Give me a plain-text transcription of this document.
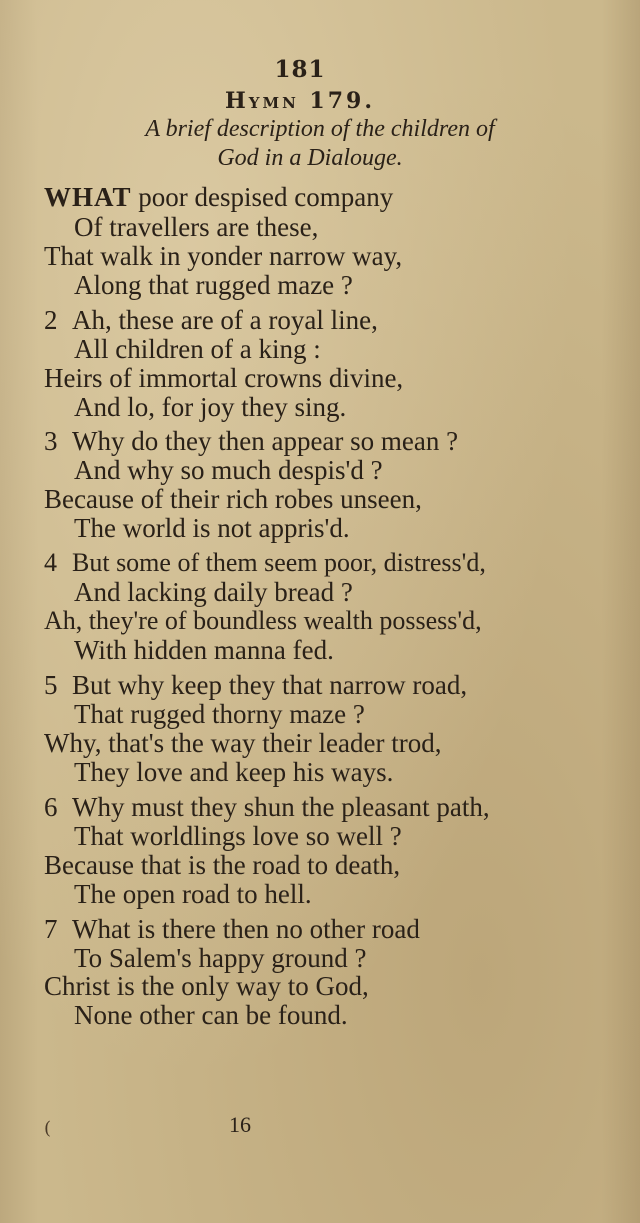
181
Hymn 179.
A brief description of the children of
God in a Dialouge.
WHAT poor despised company
Of travellers are these,
That walk in yonder narrow way,
Along that rugged maze ?
2 Ah, these are of a royal line,
All children of a king :
Heirs of immortal crowns divine,
And lo, for joy they sing.
3 Why do they then appear so mean ?
And why so much despis'd ?
Because of their rich robes unseen,
The world is not appris'd.
4 But some of them seem poor, distress'd,
And lacking daily bread ?
Ah, they're of boundless wealth possess'd,
With hidden manna fed.
5 But why keep they that narrow road,
That rugged thorny maze ?
Why, that's the way their leader trod,
They love and keep his ways.
6 Why must they shun the pleasant path,
That worldlings love so well ?
Because that is the road to death,
The open road to hell.
7 What is there then no other road
To Salem's happy ground ?
Christ is the only way to God,
None other can be found.
(	16
